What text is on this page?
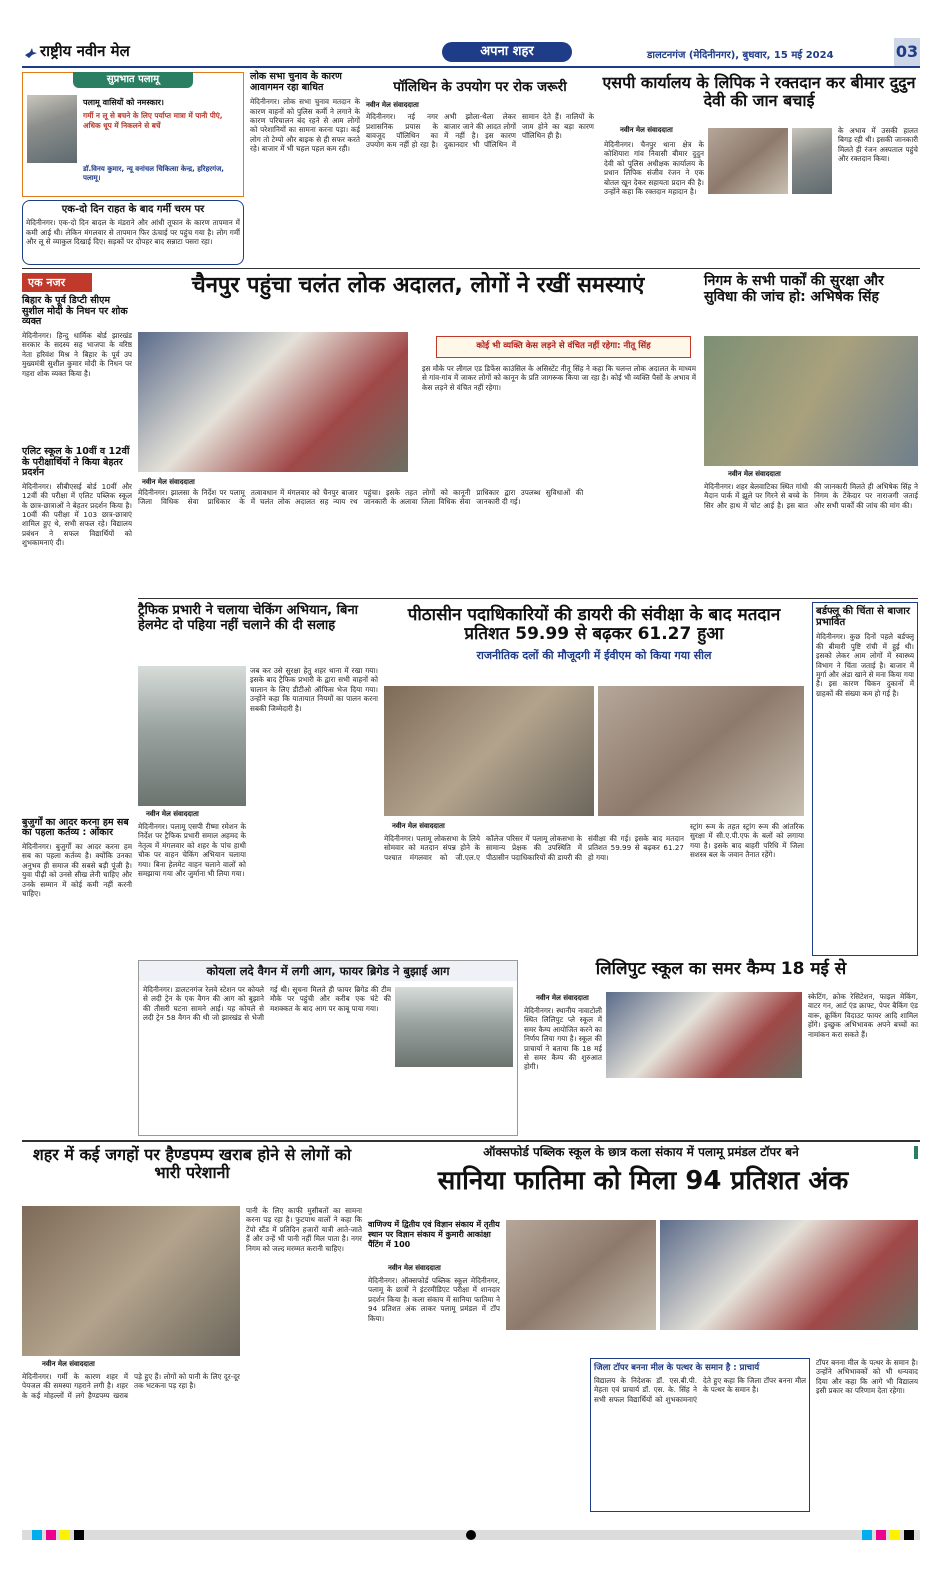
राष्ट्रीय नवीन मेल	अपना शहर	डालटनगंज (मेदिनीनगर), बुधवार, 15 मई 2024	03
सुप्रभात पलामू
पलामू वासियों को नमस्कार।
गर्मी न लू से बचने के लिए पर्याप्त मात्रा में पानी पीएं, अधिक धूप में निकलने से बचें
डॉ.विनय कुमार, न्यू वनांचल चिकित्सा केन्द्र, हरिहरगंज, पलामू।
एक-दो दिन राहत के बाद गर्मी चरम पर
मेदिनीनगर। एक-दो दिन बादल के मंडराने और आंधी तूफान के कारण तापमान में कमी आई थी। लेकिन मंगलवार से तापमान फिर ऊंचाई पर पहुंच गया है। लोग गर्मी और लू से व्याकुल दिखाई दिए। सड़कों पर दोपहर बाद सन्नाटा पसरा रहा।
लोक सभा चुनाव के कारण आवागमन रहा बाधित
मेदिनीनगर। लोक सभा चुनाव मतदान के कारण वाहनों को पुलिस कर्मी ने लगाने के कारण परिचालन बंद रहने से आम लोगों को परेशानियों का सामना करना पड़ा। कई लोग तो टेम्पो और बाइक से ही सफर करते रहे। बाजार में भी चहल पहल कम रही।
पॉलिथिन के उपयोग पर रोक जरूरी
नवीन मेल संवाददाता
मेदिनीनगर। नई नगर प्रशासनिक प्रयास के बावजूद पॉलिथिन का उपयोग कम नहीं हो रहा है। अभी झोला-थैला लेकर बाजार जाने की आदत लोगों में नहीं है। इस कारण दुकानदार भी पॉलिथिन में सामान देते हैं। नालियों के जाम होने का बड़ा कारण पॉलिथिन ही है।
एसपी कार्यालय के लिपिक ने रक्तदान कर बीमार दुदुन देवी की जान बचाई
नवीन मेल संवाददाता
मेदिनीनगर। चैनपुर थाना क्षेत्र के कोशियारा गांव निवासी बीमार दुदुन देवी को पुलिस अधीक्षक कार्यालय के प्रधान लिपिक संजीव रंजन ने एक बोतल खून देकर सहायता प्रदान की है। उन्होंने कहा कि रक्तदान महादान है।
के अभाव में उसकी हालत बिगड़ रही थी। इसकी जानकारी मिलते ही रंजन अस्पताल पहुंचे और रक्तदान किया।
एक नजर
बिहार के पूर्व डिप्टी सीएम सुशील मोदी के निधन पर शोक व्यक्त
मेदिनीनगर। हिन्दु धार्मिक बोर्ड झारखंड सरकार के सदस्य सह भाजपा के वरिष्ठ नेता हरिवंश मिश्र ने बिहार के पूर्व उप मुख्यमंत्री सुशील कुमार मोदी के निधन पर गहरा शोक व्यक्त किया है।
एलिट स्कूल के 10वीं व 12वीं के परीक्षार्थियों ने किया बेहतर प्रदर्शन
मेदिनीनगर। सीबीएसई बोर्ड 10वीं और 12वीं की परीक्षा में एलिट पब्लिक स्कूल के छात्र-छात्राओं ने बेहतर प्रदर्शन किया है। 10वीं की परीक्षा में 103 छात्र-छात्राएं शामिल हुए थे, सभी सफल रहे। विद्यालय प्रबंधन ने सफल विद्यार्थियों को शुभकामनाएं दी।
बुजुर्गों का आदर करना हम सब का पहला कर्तव्य : ओंकार
मेदिनीनगर। बुजुर्गों का आदर करना हम सब का पहला कर्तव्य है। क्योंकि उनका अनुभव ही समाज की सबसे बड़ी पूंजी है। युवा पीढ़ी को उनसे सीख लेनी चाहिए और उनके सम्मान में कोई कमी नहीं करनी चाहिए।
चैनपुर पहुंचा चलंत लोक अदालत, लोगों ने रखीं समस्याएं
कोई भी व्यक्ति केस लड़ने से वंचित नहीं रहेगा: नीतू सिंह
इस मौके पर लीगल एड डिफेंस काउंसिल के असिस्टेंट नीतू सिंह ने कहा कि चलन्त लोक अदालत के माध्यम से गांव-गांव में जाकर लोगों को कानून के प्रति जागरूक किया जा रहा है। कोई भी व्यक्ति पैसों के अभाव में केस लड़ने से वंचित नहीं रहेगा।
नवीन मेल संवाददाता
मेदिनीनगर। झालसा के निर्देश पर पलामू जिला विधिक सेवा प्राधिकार के तत्वावधान में मंगलवार को चैनपुर बाजार में चलंत लोक अदालत सह न्याय रथ पहुंचा। इसके तहत लोगों को कानूनी जानकारी के अलावा जिला विधिक सेवा प्राधिकार द्वारा उपलब्ध सुविधाओं की जानकारी दी गई।
निगम के सभी पार्कों की सुरक्षा और सुविधा की जांच हो: अभिषेक सिंह
नवीन मेल संवाददाता
मेदिनीनगर। शहर बेलवाटिका स्थित गांधी मैदान पार्क में झूले पर गिरने से बच्चे के सिर और हाथ में चोट आई है। इस बात की जानकारी मिलते ही अभिषेक सिंह ने निगम के टेंकेदार पर नाराजगी जताई और सभी पार्कों की जांच की मांग की।
ट्रैफिक प्रभारी ने चलाया चेकिंग अभियान, बिना हेलमेट दो पहिया नहीं चलाने की दी सलाह
जब कर उसे सुरक्षा हेतु शहर थाना में रखा गया। इसके बाद ट्रैफिक प्रभारी के द्वारा सभी वाहनों को चालान के लिए डीटीओ ऑफिस भेज दिया गया। उन्होंने कहा कि यातायात नियमों का पालन करना सबकी जिम्मेदारी है।
नवीन मेल संवाददाता
मेदिनीनगर। पलामू एसपी रीष्मा रमेशन के निर्देश पर ट्रैफिक प्रभारी समाल अहमद के नेतृत्व में मंगलवार को शहर के पांच हाथी चौक पर वाहन चेकिंग अभियान चलाया गया। बिना हेलमेट वाहन चलाने वालों को समझाया गया और जुर्माना भी लिया गया।
पीठासीन पदाधिकारियों की डायरी की संवीक्षा के बाद मतदान प्रतिशत 59.99 से बढ़कर 61.27 हुआ
राजनीतिक दलों की मौजूदगी में ईवीएम को किया गया सील
नवीन मेल संवाददाता
मेदिनीनगर। पलामू लोकसभा के लिये सोमवार को मतदान संपन्न होने के पश्चात मंगलवार को जी.एल.ए कॉलेज परिसर में पलामू लोकसभा के सामान्य प्रेक्षक की उपस्थिति में पीठासीन पदाधिकारियों की डायरी की संवीक्षा की गई। इसके बाद मतदान प्रतिशत 59.99 से बढ़कर 61.27 हो गया।
स्ट्रांग रूम के तहत स्ट्रांग रूम की आंतरिक सुरक्षा में सी.ए.पी.एफ के बलों को लगाया गया है। इसके बाद बाहरी परिधि में जिला सशस्त्र बल के जवान तैनात रहेंगे।
बर्डफ्लू की चिंता से बाजार प्रभावित
मेदिनीनगर। कुछ दिनों पहले बर्डफ्लू की बीमारी पुष्टि रांची में हुई थी। इसको लेकर आम लोगों में स्वास्थ्य विभाग ने चिंता जताई है। बाजार में मुर्गा और अंडा खाने से मना किया गया है। इस कारण चिकन दुकानों में ग्राहकों की संख्या कम हो गई है।
कोयला लदे वैगन में लगी आग, फायर ब्रिगेड ने बुझाई आग
मेदिनीनगर। डालटनगंज रेलवे स्टेशन पर कोयले से लदी ट्रेन के एक वैगन की आग को बुझाने की तीसरी घटना सामने आई। यह कोयले से लदी ट्रेन 58 वैगन की थी जो झारखंड से भेजी गई थी। सूचना मिलते ही फायर ब्रिगेड की टीम मौके पर पहुंची और करीब एक घंटे की मशक्कत के बाद आग पर काबू पाया गया।
लिलिपुट स्कूल का समर कैम्प 18 मई से
नवीन मेल संवाददाता
मेदिनीनगर। स्थानीय नावाटोली स्थित लिलिपुट प्ले स्कूल में समर कैम्प आयोजित करने का निर्णय लिया गया है। स्कूल की प्राचार्या ने बताया कि 18 मई से समर कैम्प की शुरुआत होगी।
स्केटिंग, क्रोक रेसिटेशन, फाइल मेकिंग, वाटर गन, आर्ट एंड क्राफ्ट, पेपर बैकिंग एंड वारू, क्रूकिंग विदाउट फायर आदि शामिल होंगे। इच्छुक अभिभावक अपने बच्चों का नामांकन करा सकते हैं।
शहर में कई जगहों पर हैण्डपम्प खराब होने से लोगों को भारी परेशानी
पानी के लिए काफी मुसीबतों का सामना करना पड़ रहा है। फुटपाथ वालों ने कहा कि टेंपो स्टैंड में प्रतिदिन हजारों यात्री आते-जाते हैं और उन्हें भी पानी नहीं मिल पाता है। नगर निगम को जल्द मरम्मत करानी चाहिए।
नवीन मेल संवाददाता
मेदिनीनगर। गर्मी के कारण शहर में पेयजल की समस्या गहराने लगी है। शहर के कई मोहल्लों में लगे हैण्डपम्प खराब पड़े हुए हैं। लोगों को पानी के लिए दूर-दूर तक भटकना पड़ रहा है।
ऑक्सफोर्ड पब्लिक स्कूल के छात्र कला संकाय में पलामू प्रमंडल टॉपर बने
सानिया फातिमा को मिला 94 प्रतिशत अंक
वाणिज्य में द्वितीय एवं विज्ञान संकाय में तृतीय स्थान पर विज्ञान संकाय में कुमारी आकांक्षा पैंटिंग में 100
नवीन मेल संवाददाता
मेदिनीनगर। ऑक्सफोर्ड पब्लिक स्कूल मेदिनीनगर, पलामू के छात्रों ने इंटरमीडिएट परीक्षा में शानदार प्रदर्शन किया है। कला संकाय में सानिया फातिमा ने 94 प्रतिशत अंक लाकर पलामू प्रमंडल में टॉप किया।
जिला टॉपर बनना मील के पत्थर के समान है : प्राचार्य
विद्यालय के निदेशक डॉ. एस.बी.पी. मेहता एवं प्राचार्य डॉ. एस. के. सिंह ने सभी सफल विद्यार्थियों को शुभकामनाएं देते हुए कहा कि जिला टॉपर बनना मील के पत्थर के समान है।
टॉपर बनना मील के पत्थर के समान है। उन्होंने अभिभावकों को भी धन्यवाद दिया और कहा कि आगे भी विद्यालय इसी प्रकार का परिणाम देता रहेगा।
